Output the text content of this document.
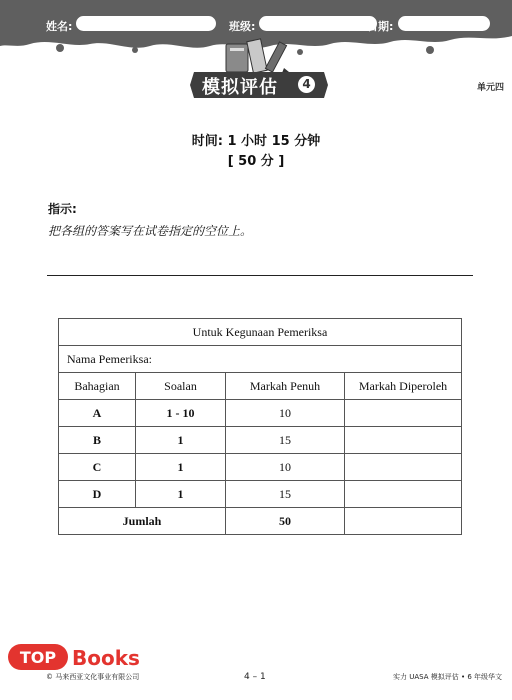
姓名:	班级:	日期:
单元四
模拟评估	4
时间: 1 小时 15 分钟
[ 50 分 ]
指示:
把各组的答案写在试卷指定的空位上。
Untuk Kegunaan Pemeriksa			
Nama Pemeriksa:			
Bahagian	Soalan	Markah Penuh	Markah Diperoleh
A	1 - 10	10	
B	1	15	
C	1	10	
D	1	15	
Jumlah		50	
TOP Books
© 马来西亚文化事业有限公司	4 – 1	实力 UASA 模拟评估 • 6 年级华文
